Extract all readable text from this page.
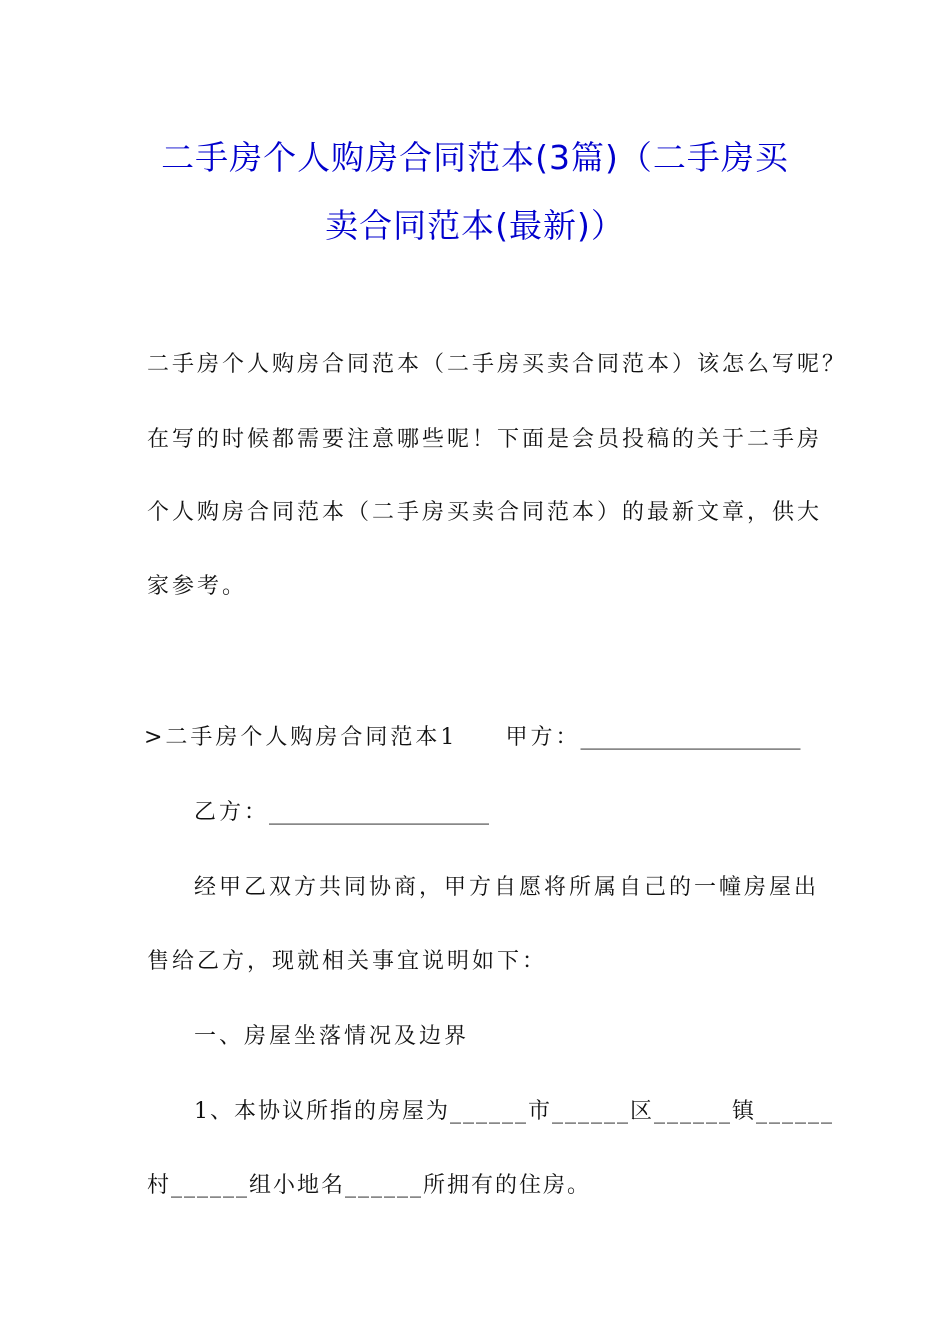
二手房个人购房合同范本(3篇)（二手房买
卖合同范本(最新)）
二手房个人购房合同范本（二手房买卖合同范本）该怎么写呢？
在写的时候都需要注意哪些呢！下面是会员投稿的关于二手房
个人购房合同范本（二手房买卖合同范本）的最新文章，供大
家参考。
>二手房个人购房合同范本1 甲方：____________________
乙方：____________________
经甲乙双方共同协商，甲方自愿将所属自己的一幢房屋出
售给乙方，现就相关事宜说明如下：
一、房屋坐落情况及边界
1、本协议所指的房屋为______市______区______镇______
村______组小地名______所拥有的住房。
